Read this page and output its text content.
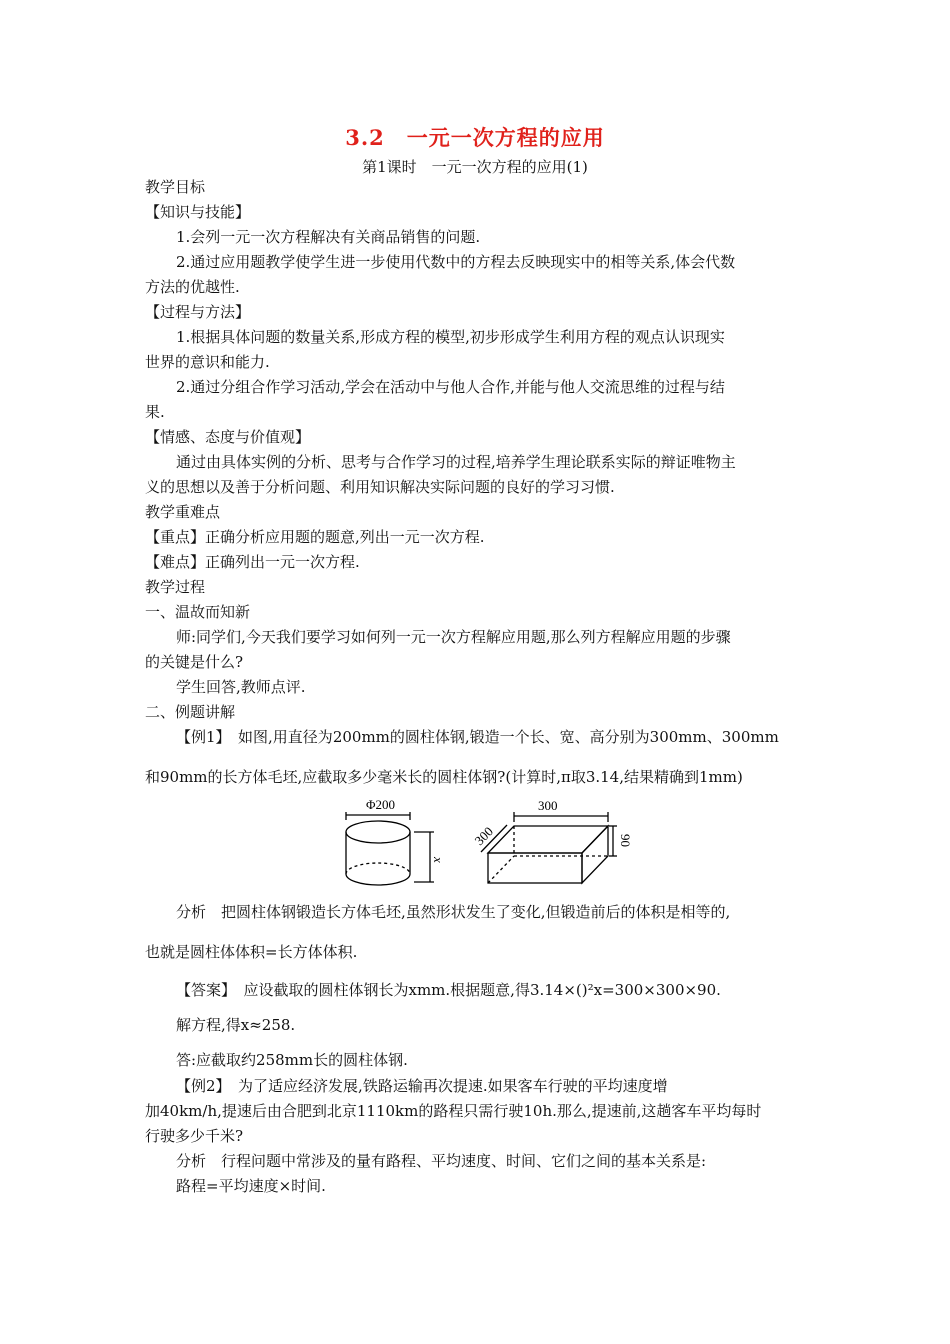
3.2　一元一次方程的应用
第1课时　一元一次方程的应用(1)
教学目标
【知识与技能】
1.会列一元一次方程解决有关商品销售的问题.
2.通过应用题教学使学生进一步使用代数中的方程去反映现实中的相等关系,体会代数
方法的优越性.
【过程与方法】
1.根据具体问题的数量关系,形成方程的模型,初步形成学生利用方程的观点认识现实
世界的意识和能力.
2.通过分组合作学习活动,学会在活动中与他人合作,并能与他人交流思维的过程与结
果.
【情感、态度与价值观】
通过由具体实例的分析、思考与合作学习的过程,培养学生理论联系实际的辩证唯物主
义的思想以及善于分析问题、利用知识解决实际问题的良好的学习习惯.
教学重难点
【重点】正确分析应用题的题意,列出一元一次方程.
【难点】正确列出一元一次方程.
教学过程
一、温故而知新
师:同学们,今天我们要学习如何列一元一次方程解应用题,那么列方程解应用题的步骤
的关键是什么?
学生回答,教师点评.
二、例题讲解
【例1】　如图,用直径为200mm的圆柱体钢,锻造一个长、宽、高分别为300mm、300mm
和90mm的长方体毛坯,应截取多少毫米长的圆柱体钢?(计算时,π取3.14,结果精确到1mm)
Φ200
x
300
300	90
分析　把圆柱体钢锻造长方体毛坯,虽然形状发生了变化,但锻造前后的体积是相等的,
也就是圆柱体体积=长方体体积.
【答案】　应设截取的圆柱体钢长为xmm.根据题意,得3.14×()²x=300×300×90.
解方程,得x≈258.
答:应截取约258mm长的圆柱体钢.
【例2】　为了适应经济发展,铁路运输再次提速.如果客车行驶的平均速度增
加40km/h,提速后由合肥到北京1110km的路程只需行驶10h.那么,提速前,这趟客车平均每时
行驶多少千米?
分析　行程问题中常涉及的量有路程、平均速度、时间、它们之间的基本关系是:
路程=平均速度×时间.
